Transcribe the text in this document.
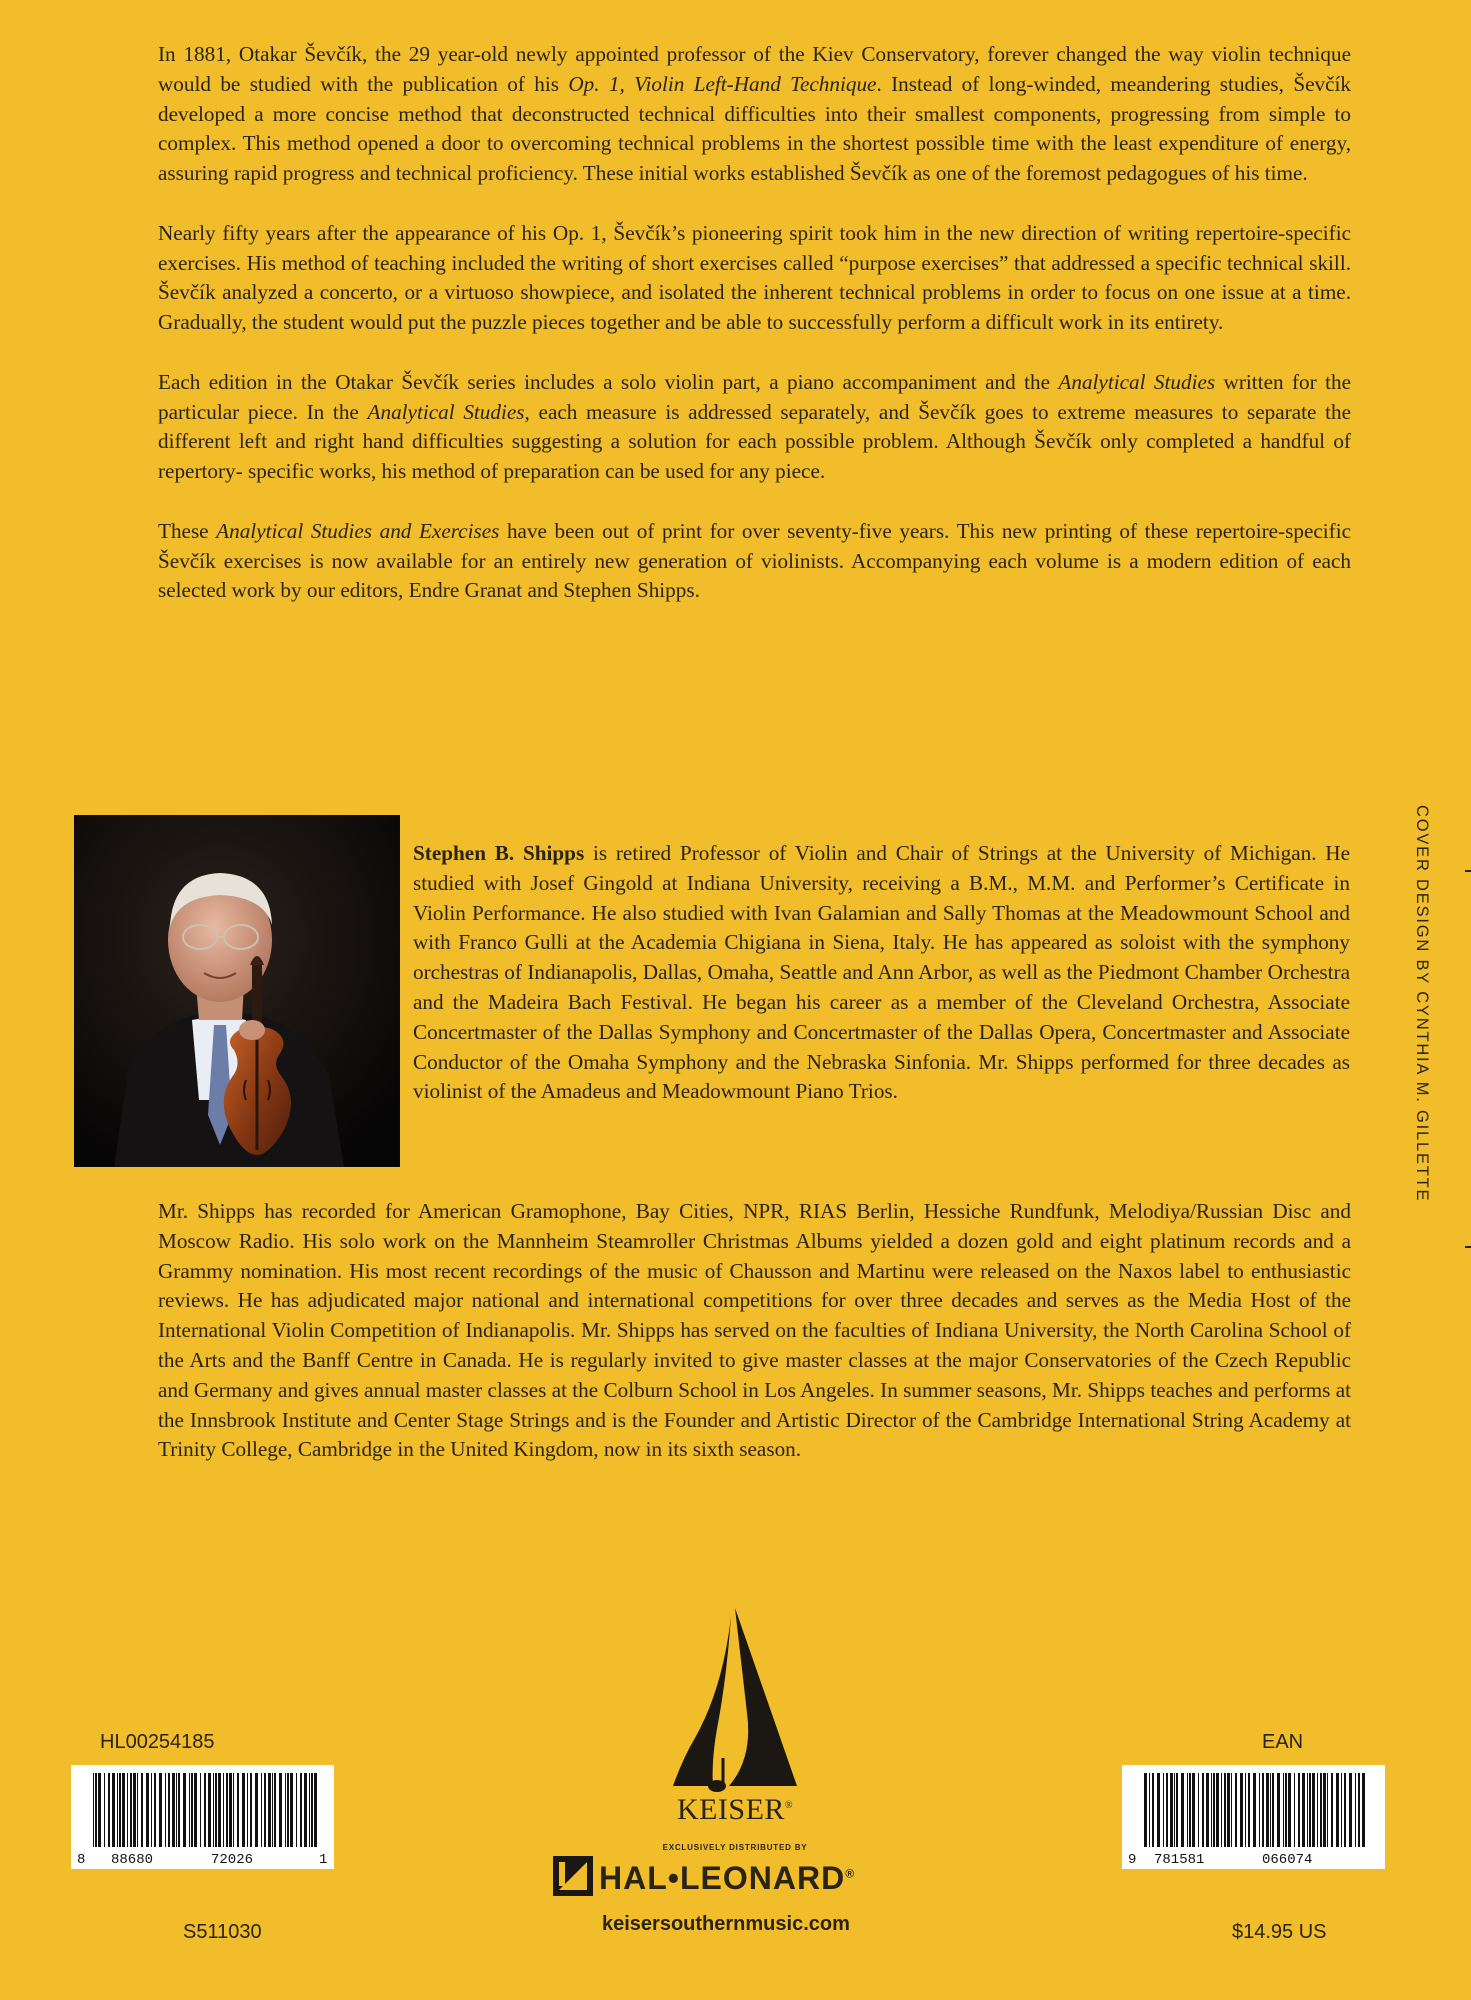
In 1881, Otakar Ševčík, the 29 year-old newly appointed professor of the Kiev Conservatory, forever changed the way violin technique would be studied with the publication of his Op. 1, Violin Left-Hand Technique. Instead of long-winded, meandering studies, Ševčík developed a more concise method that deconstructed technical difficulties into their smallest components, progressing from simple to complex. This method opened a door to overcoming technical problems in the shortest possible time with the least expenditure of energy, assuring rapid progress and technical proficiency. These initial works established Ševčík as one of the foremost pedagogues of his time.

Nearly fifty years after the appearance of his Op. 1, Ševčík’s pioneering spirit took him in the new direction of writing repertoire-specific exercises. His method of teaching included the writing of short exercises called “purpose exercises” that addressed a specific technical skill. Ševčík analyzed a concerto, or a virtuoso showpiece, and isolated the inherent technical problems in order to focus on one issue at a time. Gradually, the student would put the puzzle pieces together and be able to successfully perform a difficult work in its entirety.

Each edition in the Otakar Ševčík series includes a solo violin part, a piano accompaniment and the Analytical Studies written for the particular piece. In the Analytical Studies, each measure is addressed separately, and Ševčík goes to extreme measures to separate the different left and right hand difficulties suggesting a solution for each possible problem. Although Ševčík only completed a handful of repertory- specific works, his method of preparation can be used for any piece.

These Analytical Studies and Exercises have been out of print for over seventy-five years. This new printing of these repertoire-specific Ševčík exercises is now available for an entirely new generation of violinists. Accompanying each volume is a modern edition of each selected work by our editors, Endre Granat and Stephen Shipps.

Stephen B. Shipps is retired Professor of Violin and Chair of Strings at the University of Michigan. He studied with Josef Gingold at Indiana University, receiving a B.M., M.M. and Performer’s Certificate in Violin Performance. He also studied with Ivan Galamian and Sally Thomas at the Meadowmount School and with Franco Gulli at the Academia Chigiana in Siena, Italy. He has appeared as soloist with the symphony orchestras of Indianapolis, Dallas, Omaha, Seattle and Ann Arbor, as well as the Piedmont Chamber Orchestra and the Madeira Bach Festival. He began his career as a member of the Cleveland Orchestra, Associate Concertmaster of the Dallas Symphony and Concertmaster of the Dallas Opera, Concertmaster and Associate Conductor of the Omaha Symphony and the Nebraska Sinfonia. Mr. Shipps performed for three decades as violinist of the Amadeus and Meadowmount Piano Trios.
Mr. Shipps has recorded for American Gramophone, Bay Cities, NPR, RIAS Berlin, Hessiche Rundfunk, Melodiya/Russian Disc and Moscow Radio. His solo work on the Mannheim Steamroller Christmas Albums yielded a dozen gold and eight platinum records and a Grammy nomination. His most recent recordings of the music of Chausson and Martinu were released on the Naxos label to enthusiastic reviews. He has adjudicated major national and international competitions for over three decades and serves as the Media Host of the International Violin Competition of Indianapolis. Mr. Shipps has served on the faculties of Indiana University, the North Carolina School of the Arts and the Banff Centre in Canada. He is regularly invited to give master classes at the major Conservatories of the Czech Republic and Germany and gives annual master classes at the Colburn School in Los Angeles. In summer seasons, Mr. Shipps teaches and performs at the Innsbrook Institute and Center Stage Strings and is the Founder and Artistic Director of the Cambridge International String Academy at Trinity College, Cambridge in the United Kingdom, now in its sixth season.
COVER DESIGN BY CYNTHIA M. GILLETTE
HL00254185
8 88680	72026	1
S511030
EAN
9 781581	066074
$14.95 US
KEISER®
EXCLUSIVELY DISTRIBUTED BY
HAL•LEONARD®
keisersouthernmusic.com
